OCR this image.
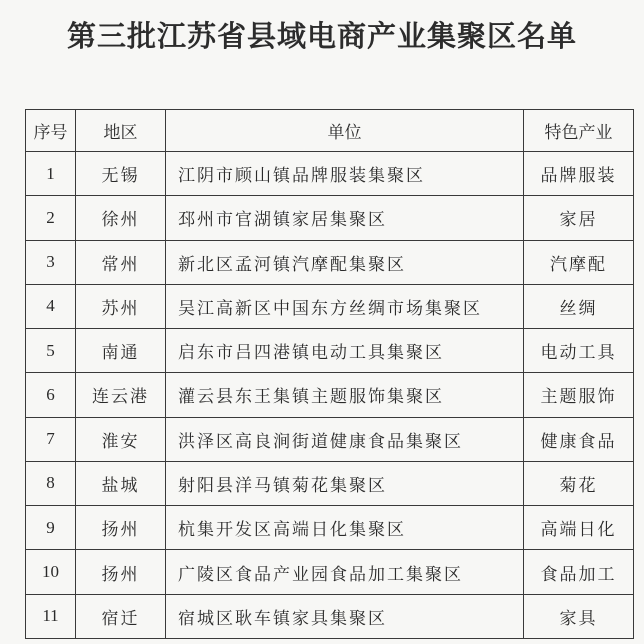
第三批江苏省县域电商产业集聚区名单
序号	地区	单位	特色产业
1	无锡	江阴市顾山镇品牌服装集聚区	品牌服装
2	徐州	邳州市官湖镇家居集聚区	家居
3	常州	新北区孟河镇汽摩配集聚区	汽摩配
4	苏州	吴江高新区中国东方丝绸市场集聚区	丝绸
5	南通	启东市吕四港镇电动工具集聚区	电动工具
6	连云港	灌云县东王集镇主题服饰集聚区	主题服饰
7	淮安	洪泽区高良涧街道健康食品集聚区	健康食品
8	盐城	射阳县洋马镇菊花集聚区	菊花
9	扬州	杭集开发区高端日化集聚区	高端日化
10	扬州	广陵区食品产业园食品加工集聚区	食品加工
11	宿迁	宿城区耿车镇家具集聚区	家具
